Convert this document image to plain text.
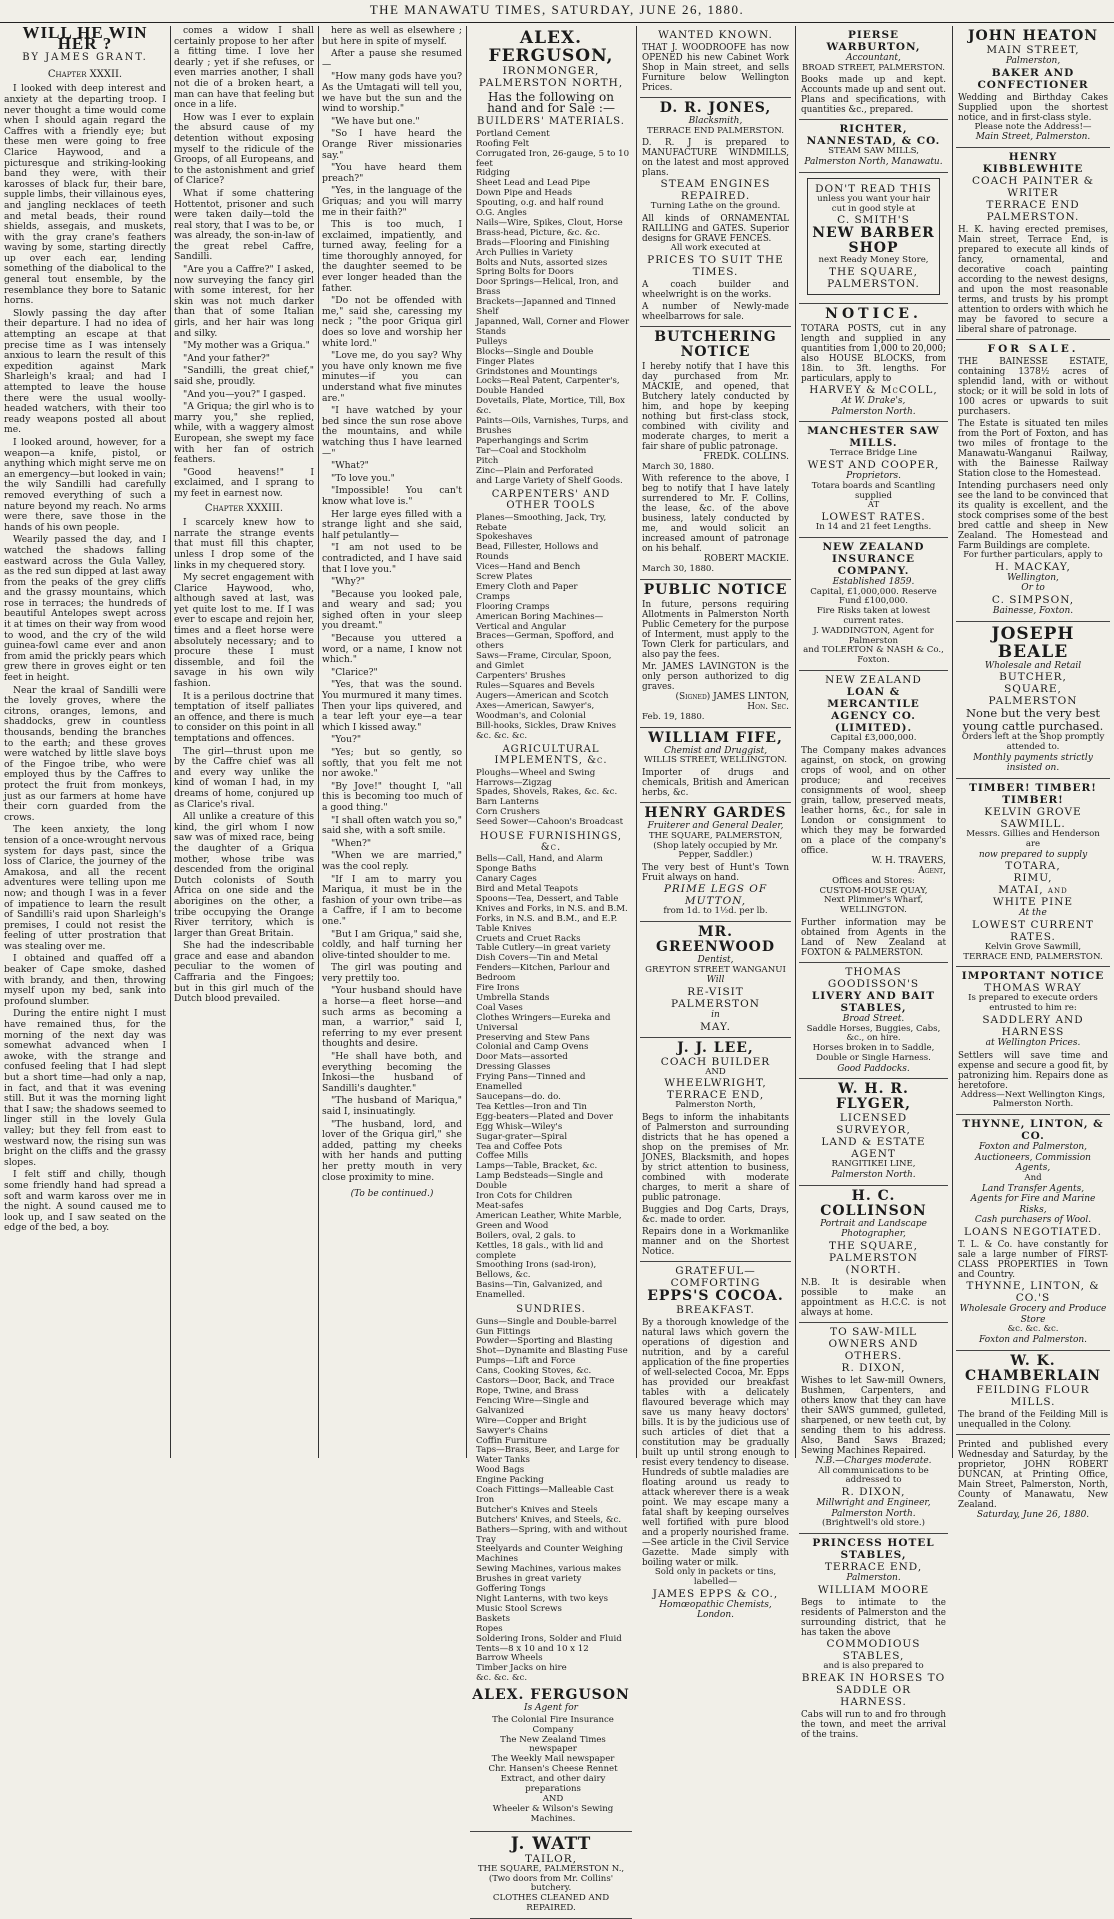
THE MANAWATU TIMES, SATURDAY, JUNE 26, 1880.
WILL HE WIN HER ?
BY JAMES GRANT.
Chapter XXXII.

I looked with deep interest and anxiety at the departing troop. I never thought a time would come when I should again regard the Caffres with a friendly eye; but these men were going to free Clarice Haywood, and a picturesque and striking-looking band they were, with their karosses of black fur, their bare, supple limbs, their villainous eyes, and jangling necklaces of teeth and metal beads, their round shields, assegais, and muskets, with the gray crane's feathers waving by some, starting directly up over each ear, lending something of the diabolical to the general tout ensemble, by the resemblance they bore to Satanic horns.

Slowly passing the day after their departure. I had no idea of attempting an escape at that precise time as I was intensely anxious to learn the result of this expedition against Mark Sharleigh's kraal; and had I attempted to leave the house there were the usual woolly-headed watchers, with their too ready weapons posted all about me.

I looked around, however, for a weapon—a knife, pistol, or anything which might serve me on an emergency—but looked in vain; the wily Sandilli had carefully removed everything of such a nature beyond my reach. No arms were there, save those in the hands of his own people.

Wearily passed the day, and I watched the shadows falling eastward across the Gula Valley, as the red sun dipped at last away from the peaks of the grey cliffs and the grassy mountains, which rose in terraces; the hundreds of beautiful Antelopes swept across it at times on their way from wood to wood, and the cry of the wild guinea-fowl came ever and anon from amid the prickly pears which grew there in groves eight or ten feet in height.

Near the kraal of Sandilli were the lovely groves, where the citrons, oranges, lemons, and shaddocks, grew in countless thousands, bending the branches to the earth; and these groves were watched by little slave boys of the Fingoe tribe, who were employed thus by the Caffres to protect the fruit from monkeys, just as our farmers at home have their corn guarded from the crows.

The keen anxiety, the long tension of a once-wrought nervous system for days past, since the loss of Clarice, the journey of the Amakosa, and all the recent adventures were telling upon me now; and though I was in a fever of impatience to learn the result of Sandilli's raid upon Sharleigh's premises, I could not resist the feeling of utter prostration that was stealing over me.

I obtained and quaffed off a beaker of Cape smoke, dashed with brandy, and then, throwing myself upon my bed, sank into profound slumber.

During the entire night I must have remained thus, for the morning of the next day was somewhat advanced when I awoke, with the strange and confused feeling that I had slept but a short time—had only a nap, in fact, and that it was evening still. But it was the morning light that I saw; the shadows seemed to linger still in the lovely Gula valley; but they fell from east to westward now, the rising sun was bright on the cliffs and the grassy slopes.

I felt stiff and chilly, though some friendly hand had spread a soft and warm kaross over me in the night. A sound caused me to look up, and I saw seated on the edge of the bed, a boy.

comes a widow I shall certainly propose to her after a fitting time. I love her dearly ; yet if she refuses, or even marries another, I shall not die of a broken heart, a man can have that feeling but once in a life.

How was I ever to explain the absurd cause of my detention without exposing myself to the ridicule of the Groops, of all Europeans, and to the astonishment and grief of Clarice?

What if some chattering Hottentot, prisoner and such were taken daily—told the real story, that I was to be, or was already, the son-in-law of the great rebel Caffre, Sandilli.

"Are you a Caffre?" I asked, now surveying the fancy girl with some interest, for her skin was not much darker than that of some Italian girls, and her hair was long and silky.

"My mother was a Griqua."

"And your father?"

"Sandilli, the great chief," said she, proudly.

"And you—you?" I gasped.

"A Griqua; the girl who is to marry you," she replied, while, with a waggery almost European, she swept my face with her fan of ostrich feathers.

"Good heavens!" I exclaimed, and I sprang to my feet in earnest now.

Chapter XXXIII.

I scarcely knew how to narrate the strange events that must fill this chapter, unless I drop some of the links in my chequered story.

My secret engagement with Clarice Haywood, who, although saved at last, was yet quite lost to me. If I was ever to escape and rejoin her, times and a fleet horse were absolutely necessary; and to procure these I must dissemble, and foil the savage in his own wily fashion.

It is a perilous doctrine that temptation of itself palliates an offence, and there is much to consider on this point in all temptations and offences.

The girl—thrust upon me by the Caffre chief was all and every way unlike the kind of woman I had, in my dreams of home, conjured up as Clarice's rival.

All unlike a creature of this kind, the girl whom I now saw was of mixed race, being the daughter of a Griqua mother, whose tribe was descended from the original Dutch colonists of South Africa on one side and the aborigines on the other, a tribe occupying the Orange River territory, which is larger than Great Britain.

She had the indescribable grace and ease and abandon peculiar to the women of Caffraria and the Fingoes; but in this girl much of the Dutch blood prevailed.

here as well as elsewhere ; but here in spite of myself.

After a pause she resumed—

"How many gods have you? As the Umtagati will tell you, we have but the sun and the wind to worship."

"We have but one."

"So I have heard the Orange River missionaries say."

"You have heard them preach?"

"Yes, in the language of the Griquas; and you will marry me in their faith?"

This is too much, I exclaimed, impatiently, and turned away, feeling for a time thoroughly annoyed, for the daughter seemed to be ever longer headed than the father.

"Do not be offended with me," said she, caressing my neck ; "the poor Griqua girl does so love and worship her white lord."

"Love me, do you say? Why you have only known me five minutes—if you can understand what five minutes are."

"I have watched by your bed since the sun rose above the mountains, and while watching thus I have learned—"

"What?"

"To love you."

"Impossible! You can't know what love is."

Her large eyes filled with a strange light and she said, half petulantly—

"I am not used to be contradicted, and I have said that I love you."

"Why?"

"Because you looked pale, and weary and sad; you sighed often in your sleep you dreamt."

"Because you uttered a word, or a name, I know not which."

"Clarice?"

"Yes, that was the sound. You murmured it many times. Then your lips quivered, and a tear left your eye—a tear which I kissed away."

"You?"

"Yes; but so gently, so softly, that you felt me not nor awoke."

"By Jove!" thought I, "all this is becoming too much of a good thing."

"I shall often watch you so," said she, with a soft smile.

"When?"

"When we are married," was the cool reply.

"If I am to marry you Mariqua, it must be in the fashion of your own tribe—as a Caffre, if I am to become one."

"But I am Griqua," said she, coldly, and half turning her olive-tinted shoulder to me.

The girl was pouting and very prettily too.

"Your husband should have a horse—a fleet horse—and such arms as becoming a man, a warrior," said I, referring to my ever present thoughts and desire.

"He shall have both, and everything becoming the Inkosi—the husband of Sandilli's daughter."

"The husband of Mariqua," said I, insinuatingly.

"The husband, lord, and lover of the Griqua girl," she added, patting my cheeks with her hands and putting her pretty mouth in very close proximity to mine.

(To be continued.)
ALEX. FERGUSON,
IRONMONGER,
PALMERSTON NORTH,
Has the following on hand and for Sale :—
BUILDERS' MATERIALS.
Portland Cement
Roofing Felt
Corrugated Iron, 26-gauge, 5 to 10 feet
Ridging
Sheet Lead and Lead Pipe
Down Pipe and Heads
Spouting, o.g. and half round
O.G. Angles
Nails—Wire, Spikes, Clout, Horse
Brass-head, Picture, &c. &c.
Brads—Flooring and Finishing
Arch Pullies in Variety
Bolts and Nuts, assorted sizes
Spring Bolts for Doors
Door Springs—Helical, Iron, and Brass
Brackets—Japanned and Tinned Shelf
Japanned, Wall, Corner and Flower Stands
Pulleys
Blocks—Single and Double
Finger Plates
Grindstones and Mountings
Locks—Real Patent, Carpenter's, Double Handed
Dovetails, Plate, Mortice, Till, Box &c.
Paints—Oils, Varnishes, Turps, and Brushes
Paperhangings and Scrim
Tar—Coal and Stockholm
Pitch
Zinc—Plain and Perforated
and Large Variety of Shelf Goods.
CARPENTERS' AND OTHER TOOLS
Planes—Smoothing, Jack, Try, Rebate
Spokeshaves
Bead, Fillester, Hollows and Rounds
Vices—Hand and Bench
Screw Plates
Emery Cloth and Paper
Cramps
Flooring Cramps
American Boring Machines—Vertical and Angular
Braces—German, Spofford, and others
Saws—Frame, Circular, Spoon, and Gimlet
Carpenters' Brushes
Rules—Squares and Bevels
Augers—American and Scotch
Axes—American, Sawyer's, Woodman's, and Colonial
Bill-hooks, Sickles, Draw Knives &c. &c. &c.
AGRICULTURAL IMPLEMENTS, &c.
Ploughs—Wheel and Swing
Harrows—Zigzag
Spades, Shovels, Rakes, &c. &c.
Barn Lanterns
Corn Crushers
Seed Sower—Cahoon's Broadcast
HOUSE FURNISHINGS, &c.
Bells—Call, Hand, and Alarm
Sponge Baths
Canary Cages
Bird and Metal Teapots
Spoons—Tea, Dessert, and Table
Knives and Forks, in N.S. and B.M.
Forks, in N.S. and B.M., and E.P. Table Knives
Cruets and Cruet Racks
Table Cutlery—in great variety
Dish Covers—Tin and Metal
Fenders—Kitchen, Parlour and Bedroom
Fire Irons
Umbrella Stands
Coal Vases
Clothes Wringers—Eureka and Universal
Preserving and Stew Pans
Colonial and Camp Ovens
Door Mats—assorted
Dressing Glasses
Frying Pans—Tinned and Enamelled
Saucepans—do. do.
Tea Kettles—Iron and Tin
Egg-beaters—Plated and Dover
Egg Whisk—Wiley's
Sugar-grater—Spiral
Tea and Coffee Pots
Coffee Mills
Lamps—Table, Bracket, &c.
Lamp Bedsteads—Single and Double
Iron Cots for Children
Meat-safes
American Leather, White Marble, Green and Wood
Boilers, oval, 2 gals. to
Kettles, 18 gals., with lid and complete
Smoothing Irons (sad-iron), Bellows, &c.
Basins—Tin, Galvanized, and Enamelled.
SUNDRIES.
Guns—Single and Double-barrel
Gun Fittings
Powder—Sporting and Blasting
Shot—Dynamite and Blasting Fuse
Pumps—Lift and Force
Cans, Cooking Stoves, &c.
Castors—Door, Back, and Trace
Rope, Twine, and Brass
Fencing Wire—Single and Galvanized
Wire—Copper and Bright
Sawyer's Chains
Coffin Furniture
Taps—Brass, Beer, and Large for Water Tanks
Wood Bags
Engine Packing
Coach Fittings—Malleable Cast Iron
Butcher's Knives and Steels
Butchers' Knives, and Steels, &c.
Bathers—Spring, with and without Tray
Steelyards and Counter Weighing Machines
Sewing Machines, various makes
Brushes in great variety
Goffering Tongs
Night Lanterns, with two keys
Music Stool Screws
Baskets
Ropes
Soldering Irons, Solder and Fluid
Tents—8 x 10 and 10 x 12
Barrow Wheels
Timber Jacks on hire
&c. &c. &c.
ALEX. FERGUSON
Is Agent for
The Colonial Fire Insurance Company
The New Zealand Times newspaper
The Weekly Mail newspaper
Chr. Hansen's Cheese Rennet Extract, and other dairy preparations
AND
Wheeler & Wilson's Sewing Machines.
J. WATT
TAILOR,
THE SQUARE, PALMERSTON N.,
(Two doors from Mr. Collins' butchery.
CLOTHES CLEANED AND REPAIRED.
WANTED KNOWN.
THAT J. WOODROOFE has now OPENED his new Cabinet Work Shop in Main street, and sells Furniture below Wellington Prices.
D. R. JONES,
Blacksmith,
TERRACE END PALMERSTON.
D. R. J is prepared to MANUFACTURE WINDMILLS, on the latest and most approved plans.
STEAM ENGINES REPAIRED.
Turning Lathe on the ground.
All kinds of ORNAMENTAL RAILLING and GATES. Superior designs for GRAVE FENCES.
All work executed at
PRICES TO SUIT THE TIMES.
A coach builder and wheelwright is on the works.
A number of Newly-made wheelbarrows for sale.
BUTCHERING NOTICE
I hereby notify that I have this day purchased from Mr. MACKIE, and opened, that Butchery lately conducted by him, and hope by keeping nothing but first-class stock, combined with civility and moderate charges, to merit a fair share of public patronage.
FREDK. COLLINS.
March 30, 1880.
With reference to the above, I beg to notify that I have lately surrendered to Mr. F. Collins, the lease, &c. of the above business, lately conducted by me, and would solicit an increased amount of patronage on his behalf.
ROBERT MACKIE.
March 30, 1880.
PUBLIC NOTICE
In future, persons requiring Allotments in Palmerston North Public Cemetery for the purpose of Interment, must apply to the Town Clerk for particulars, and also pay the fees.
Mr. JAMES LAVINGTON is the only person authorized to dig graves.
(Signed) JAMES LINTON,
Hon. Sec.
Feb. 19, 1880.
WILLIAM FIFE,
Chemist and Druggist,
WILLIS STREET, WELLINGTON.
Importer of drugs and chemicals, British and American herbs, &c.
HENRY GARDES
Fruiterer and General Dealer,
THE SQUARE, PALMERSTON,
(Shop lately occupied by Mr. Pepper, Saddler.)
The very best of Hunt's Town Fruit always on hand.
PRIME LEGS OF MUTTON,
from 1d. to 1½d. per lb.
MR. GREENWOOD
Dentist,
GREYTON STREET WANGANUI
Will
RE-VISIT PALMERSTON
in
MAY.
J. J. LEE,
COACH BUILDER
AND
WHEELWRIGHT,
TERRACE END,
Palmerston North,
Begs to inform the inhabitants of Palmerston and surrounding districts that he has opened a shop on the premises of Mr. JONES, Blacksmith, and hopes by strict attention to business, combined with moderate charges, to merit a share of public patronage.
Buggies and Dog Carts, Drays, &c. made to order.
Repairs done in a Workmanlike manner and on the Shortest Notice.
GRATEFUL—COMFORTING
EPPS'S COCOA.
BREAKFAST.
By a thorough knowledge of the natural laws which govern the operations of digestion and nutrition, and by a careful application of the fine properties of well-selected Cocoa, Mr. Epps has provided our breakfast tables with a delicately flavoured beverage which may save us many heavy doctors' bills. It is by the judicious use of such articles of diet that a constitution may be gradually built up until strong enough to resist every tendency to disease. Hundreds of subtle maladies are floating around us ready to attack wherever there is a weak point. We may escape many a fatal shaft by keeping ourselves well fortified with pure blood and a properly nourished frame.—See article in the Civil Service Gazette. Made simply with boiling water or milk.
Sold only in packets or tins, labelled—
JAMES EPPS & CO.,
Homœopathic Chemists, London.
PIERSE WARBURTON,
Accountant,
BROAD STREET, PALMERSTON.
Books made up and kept. Accounts made up and sent out. Plans and specifications, with quantities &c., prepared.
RICHTER, NANNESTAD, & CO.
STEAM SAW MILLS,
Palmerston North, Manawatu.
DON'T READ THIS
unless you want your hair cut in good style at
C. SMITH'S
NEW BARBER SHOP
next Ready Money Store,
THE SQUARE, PALMERSTON.
NOTICE.
TOTARA POSTS, cut in any length and supplied in any quantities from 1,000 to 20,000; also HOUSE BLOCKS, from 18in. to 3ft. lengths. For particulars, apply to
HARVEY & McCOLL,
At W. Drake's,
Palmerston North.
MANCHESTER SAW MILLS.
Terrace Bridge Line
WEST AND COOPER,
Proprietors.
Totara boards and Scantling supplied
AT
LOWEST RATES.
In 14 and 21 feet Lengths.
NEW ZEALAND INSURANCE COMPANY.
Established 1859.
Capital, £1,000,000. Reserve Fund £100,000.
Fire Risks taken at lowest current rates.
J. WADDINGTON, Agent for Palmerston
and TOLERTON & NASH & Co., Foxton.
NEW ZEALAND
LOAN & MERCANTILE AGENCY CO. (LIMITED).
Capital £3,000,000.
The Company makes advances against, on stock, on growing crops of wool, and on other produce; and receives consignments of wool, sheep grain, tallow, preserved meats, leather horns, &c., for sale in London or consignment to which they may be forwarded on a place of the company's office.
W. H. TRAVERS,
Agent,
Offices and Stores:
CUSTOM-HOUSE QUAY,
Next Plimmer's Wharf,
WELLINGTON.
Further information may be obtained from Agents in the Land of New Zealand at FOXTON & PALMERSTON.
THOMAS GOODISSON'S
LIVERY AND BAIT STABLES,
Broad Street.
Saddle Horses, Buggies, Cabs, &c., on hire.
Horses broken in to Saddle, Double or Single Harness.
Good Paddocks.
W. H. R. FLYGER,
LICENSED SURVEYOR,
LAND & ESTATE AGENT
RANGITIKEI LINE,
Palmerston North.
H. C. COLLINSON
Portrait and Landscape
Photographer,
THE SQUARE, PALMERSTON
(NORTH.
N.B. It is desirable when possible to make an appointment as H.C.C. is not always at home.
TO SAW-MILL OWNERS AND OTHERS.
R. DIXON,
Wishes to let Saw-mill Owners, Bushmen, Carpenters, and others know that they can have their SAWS gummed, gulleted, sharpened, or new teeth cut, by sending them to his address. Also, Band Saws Brazed; Sewing Machines Repaired.
N.B.—Charges moderate.
All communications to be addressed to
R. DIXON,
Millwright and Engineer,
Palmerston North.
(Brightwell's old store.)
PRINCESS HOTEL STABLES,
TERRACE END,
Palmerston.
WILLIAM MOORE
Begs to intimate to the residents of Palmerston and the surrounding district, that he has taken the above
COMMODIOUS STABLES,
and is also prepared to
BREAK IN HORSES TO SADDLE OR HARNESS.
Cabs will run to and fro through the town, and meet the arrival of the trains.
JOHN HEATON
MAIN STREET,
Palmerston,
BAKER AND CONFECTIONER
Wedding and Birthday Cakes Supplied upon the shortest notice, and in first-class style.
Please note the Address!—
Main Street, Palmerston.
HENRY KIBBLEWHITE
COACH PAINTER & WRITER
TERRACE END
PALMERSTON.
H. K. having erected premises, Main street, Terrace End, is prepared to execute all kinds of fancy, ornamental, and decorative coach painting according to the newest designs, and upon the most reasonable terms, and trusts by his prompt attention to orders with which he may be favored to secure a liberal share of patronage.
FOR SALE.
THE BAINESSE ESTATE, containing 1378½ acres of splendid land, with or without stock; or it will be sold in lots of 100 acres or upwards to suit purchasers.
The Estate is situated ten miles from the Port of Foxton, and has two miles of frontage to the Manawatu-Wanganui Railway, with the Bainesse Railway Station close to the Homestead.
Intending purchasers need only see the land to be convinced that its quality is excellent, and the stock comprises some of the best bred cattle and sheep in New Zealand. The Homestead and Farm Buildings are complete.
For further particulars, apply to
H. MACKAY,
Wellington,
Or to
C. SIMPSON,
Bainesse, Foxton.
JOSEPH BEALE
Wholesale and Retail
BUTCHER,
SQUARE, PALMERSTON
None but the very best young cattle purchased.
Orders left at the Shop promptly attended to.
Monthly payments strictly insisted on.
TIMBER! TIMBER! TIMBER!
KELVIN GROVE SAWMILL.
Messrs. Gillies and Henderson are
now prepared to supply
TOTARA,
RIMU,
MATAI, and
WHITE PINE
At the
LOWEST CURRENT RATES.
Kelvin Grove Sawmill,
TERRACE END, PALMERSTON.
IMPORTANT NOTICE
THOMAS WRAY
Is prepared to execute orders entrusted to him re:
SADDLERY AND HARNESS
at Wellington Prices.
Settlers will save time and expense and secure a good fit, by patronizing him. Repairs done as heretofore.
Address—Next Wellington Kings, Palmerston North.
THYNNE, LINTON, & CO.
Foxton and Palmerston,
Auctioneers, Commission Agents,
And
Land Transfer Agents,
Agents for Fire and Marine Risks,
Cash purchasers of Wool.
LOANS NEGOTIATED.
T. L. & Co. have constantly for sale a large number of FIRST-CLASS PROPERTIES in Town and Country.
THYNNE, LINTON, & CO.'S
Wholesale Grocery and Produce Store
&c. &c. &c.
Foxton and Palmerston.
W. K. CHAMBERLAIN
FEILDING FLOUR MILLS.
The brand of the Feilding Mill is unequalled in the Colony.
Printed and published every Wednesday and Saturday, by the proprietor, JOHN ROBERT DUNCAN, at Printing Office, Main Street, Palmerston, North, County of Manawatu, New Zealand.
Saturday, June 26, 1880.
